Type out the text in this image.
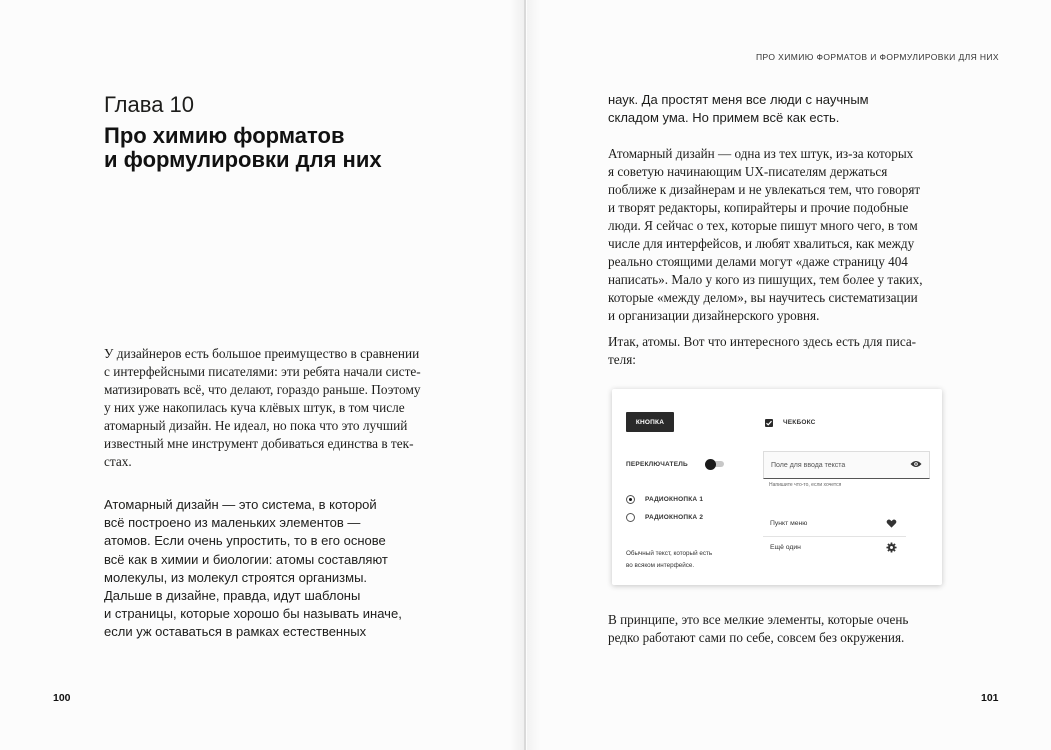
Глава 10
Про химию форматов
и формулировки для них
У дизайнеров есть большое преимущество в сравнении
с интерфейсными писателями: эти ребята начали систе-
матизировать всё, что делают, гораздо раньше. Поэтому
у них уже накопилась куча клёвых штук, в том числе
атомарный дизайн. Не идеал, но пока что это лучший
известный мне инструмент добиваться единства в тек-
стах.
Атомарный дизайн — это система, в которой
всё построено из маленьких элементов —
атомов. Если очень упростить, то в его основе
всё как в химии и биологии: атомы составляют
молекулы, из молекул строятся организмы.
Дальше в дизайне, правда, идут шаблоны
и страницы, которые хорошо бы называть иначе,
если уж оставаться в рамках естественных
100
ПРО ХИМИЮ ФОРМАТОВ И ФОРМУЛИРОВКИ ДЛЯ НИХ
наук. Да простят меня все люди с научным
складом ума. Но примем всё как есть.
Атомарный дизайн — одна из тех штук, из-за которых
я советую начинающим UX-писателям держаться
поближе к дизайнерам и не увлекаться тем, что говорят
и творят редакторы, копирайтеры и прочие подобные
люди. Я сейчас о тех, которые пишут много чего, в том
числе для интерфейсов, и любят хвалиться, как между
реально стоящими делами могут «даже страницу 404
написать». Мало у кого из пишущих, тем более у таких,
которые «между делом», вы научитесь систематизации
и организации дизайнерского уровня.
Итак, атомы. Вот что интересного здесь есть для писа-
теля:
КНОПКА	ЧЕКБОКС
ПЕРЕКЛЮЧАТЕЛЬ	Поле для ввода текста
Напишите что-то, если хочется
РАДИОКНОПКА 1
РАДИОКНОПКА 2
Обычный текст, который есть
во всяком интерфейсе.
Пункт меню
Ещё один
В принципе, это все мелкие элементы, которые очень
редко работают сами по себе, совсем без окружения.
101
